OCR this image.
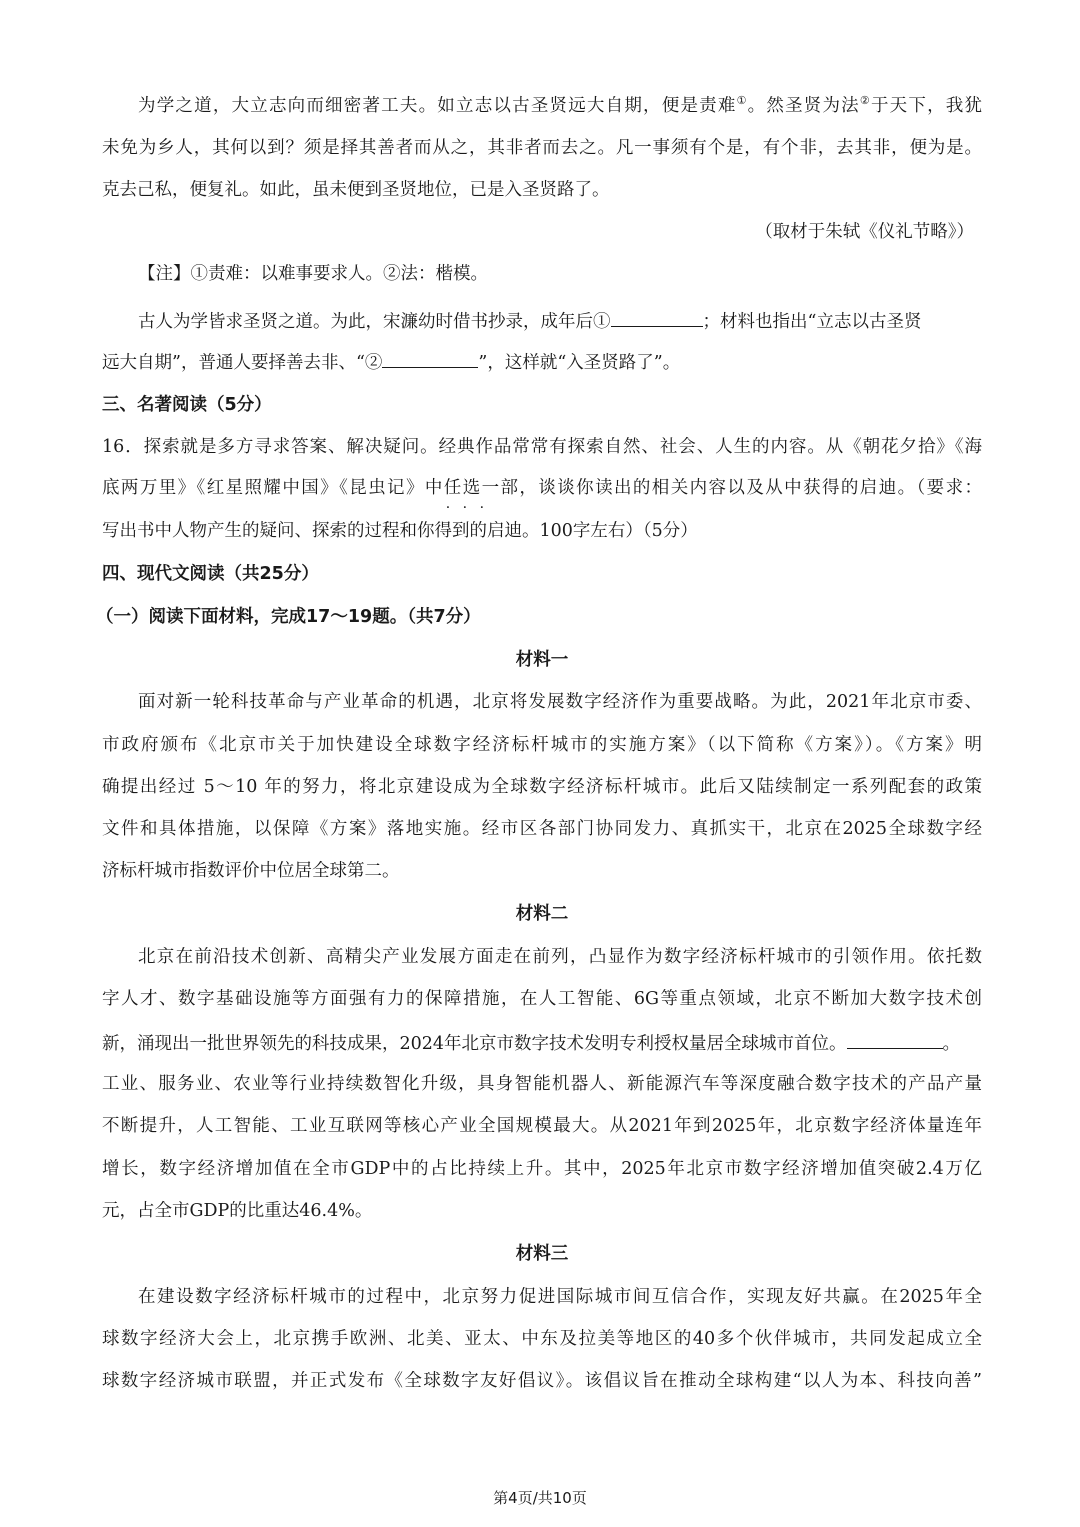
为学之道，大立志向而细密著工夫。如立志以古圣贤远大自期，便是责难①。然圣贤为法②于天下，我犹
未免为乡人，其何以到？须是择其善者而从之，其非者而去之。凡一事须有个是，有个非，去其非，便为是。
克去己私，便复礼。如此，虽未便到圣贤地位，已是入圣贤路了。
（取材于朱轼《仪礼节略》）
【注】①责难：以难事要求人。②法：楷模。
古人为学皆求圣贤之道。为此，宋濂幼时借书抄录，成年后①	；材料也指出“立志以古圣贤
远大自期”，普通人要择善去非、“②	”，这样就“入圣贤路了”。
三、名著阅读（5分）
16．探索就是多方寻求答案、解决疑问。经典作品常常有探索自然、社会、人生的内容。从《朝花夕拾》《海
底两万里》《红星照耀中国》《昆虫记》中任选一 · · ·部，谈谈你读出的相关内容以及从中获得的启迪。（要求：
写出书中人物产生的疑问、探索的过程和你得到的启迪。100字左右）（5分）
四、现代文阅读（共25分）
（一）阅读下面材料，完成17～19题。（共7分）
材料一
面对新一轮科技革命与产业革命的机遇，北京将发展数字经济作为重要战略。为此，2021年北京市委、
市政府颁布《北京市关于加快建设全球数字经济标杆城市的实施方案》（以下简称《方案》）。《方案》明
确提出经过 5～10 年的努力，将北京建设成为全球数字经济标杆城市。此后又陆续制定一系列配套的政策
文件和具体措施，以保障《方案》落地实施。经市区各部门协同发力、真抓实干，北京在2025全球数字经
济标杆城市指数评价中位居全球第二。
材料二
北京在前沿技术创新、高精尖产业发展方面走在前列，凸显作为数字经济标杆城市的引领作用。依托数
字人才、数字基础设施等方面强有力的保障措施，在人工智能、6G等重点领域，北京不断加大数字技术创
新，涌现出一批世界领先的科技成果，2024年北京市数字技术发明专利授权量居全球城市首位。	。
工业、服务业、农业等行业持续数智化升级，具身智能机器人、新能源汽车等深度融合数字技术的产品产量
不断提升，人工智能、工业互联网等核心产业全国规模最大。从2021年到2025年，北京数字经济体量连年
增长，数字经济增加值在全市GDP中的占比持续上升。其中，2025年北京市数字经济增加值突破2.4万亿
元，占全市GDP的比重达46.4%。
材料三
在建设数字经济标杆城市的过程中，北京努力促进国际城市间互信合作，实现友好共赢。在2025年全
球数字经济大会上，北京携手欧洲、北美、亚太、中东及拉美等地区的40多个伙伴城市，共同发起成立全
球数字经济城市联盟，并正式发布《全球数字友好倡议》。该倡议旨在推动全球构建“以人为本、科技向善”
第4页/共10页
